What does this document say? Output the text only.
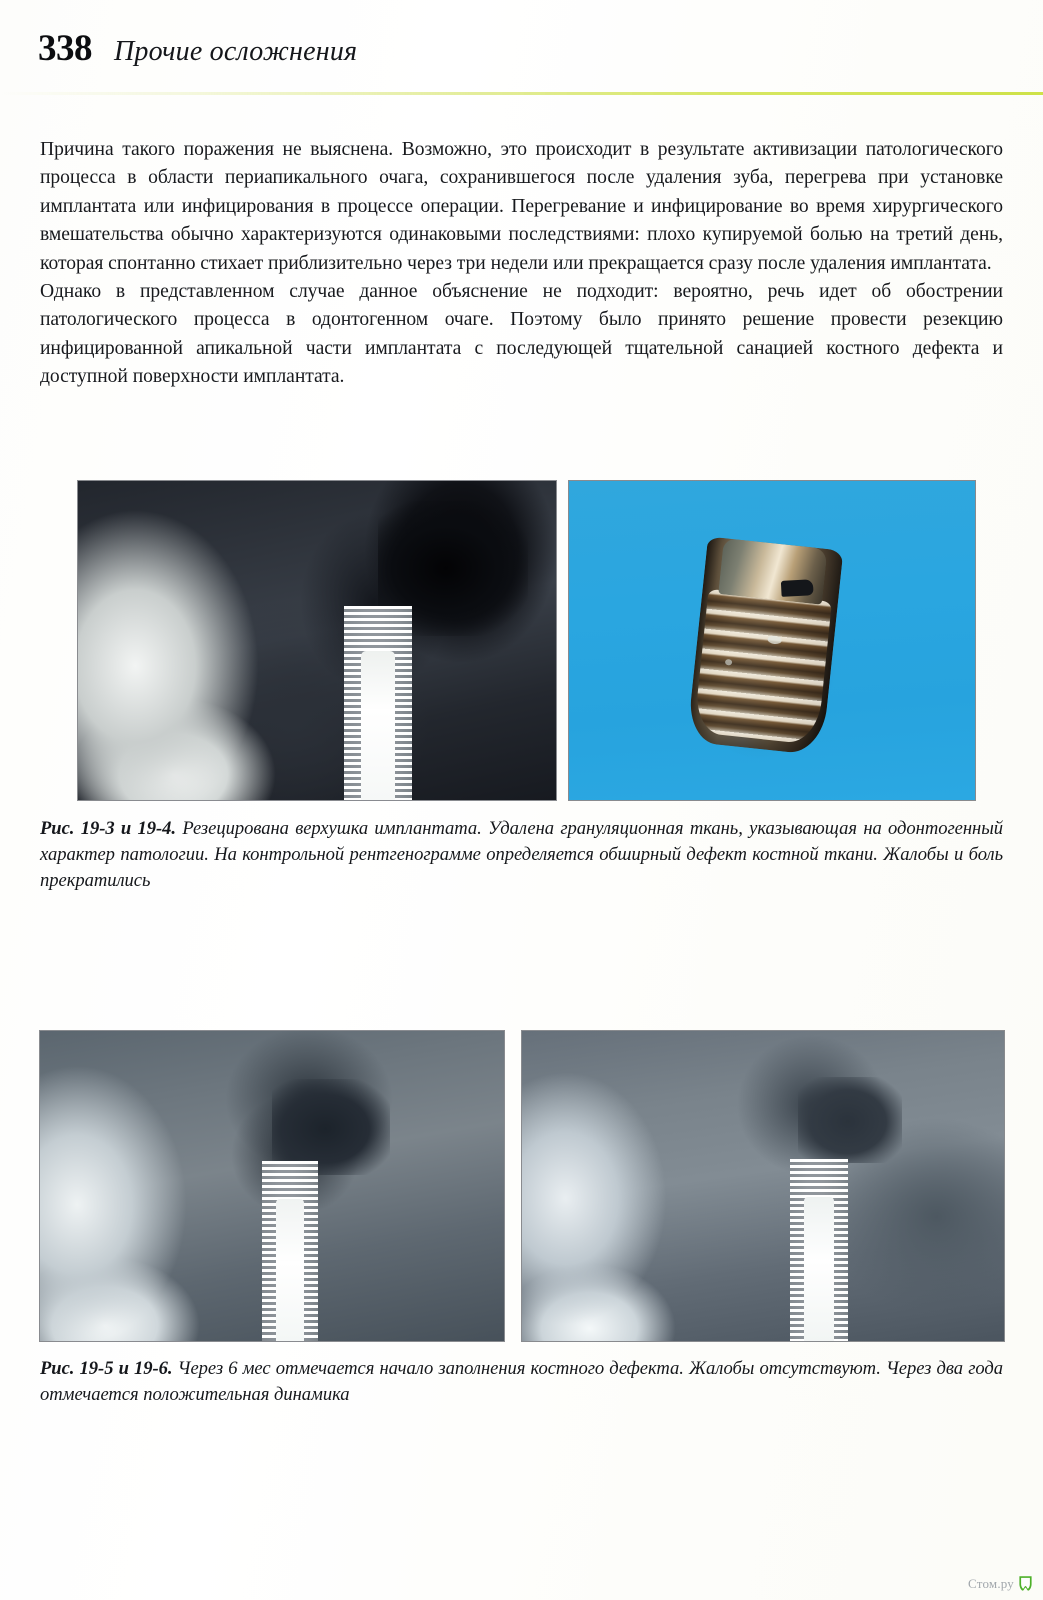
338 Прочие осложнения

Причина такого поражения не выяснена. Возможно, это происходит в результате активизации патологического процесса в области периапикального очага, сохранившегося после удаления зуба, перегрева при установке имплантата или инфицирования в процессе операции. Перегревание и инфицирование во время хирургического вмешательства обычно характеризуются одинаковыми последствиями: плохо купируемой болью на третий день, которая спонтанно стихает приблизительно через три недели или прекращается сразу после удаления имплантата.

Однако в представленном случае данное объяснение не подходит: вероятно, речь идет об обострении патологического процесса в одонтогенном очаге. Поэтому было принято решение провести резекцию инфицированной апикальной части имплантата с последующей тщательной санацией костного дефекта и доступной поверхности имплантата.

Рис. 19-3 и 19-4. Резецирована верхушка имплантата. Удалена грануляционная ткань, указывающая на одонтогенный характер патологии. На контрольной рентгенограмме определяется обширный дефект костной ткани. Жалобы и боль прекратились
Рис. 19-5 и 19-6. Через 6 мес отмечается начало заполнения костного дефекта. Жалобы отсутствуют. Через два года отмечается положительная динамика
Стом.ру
